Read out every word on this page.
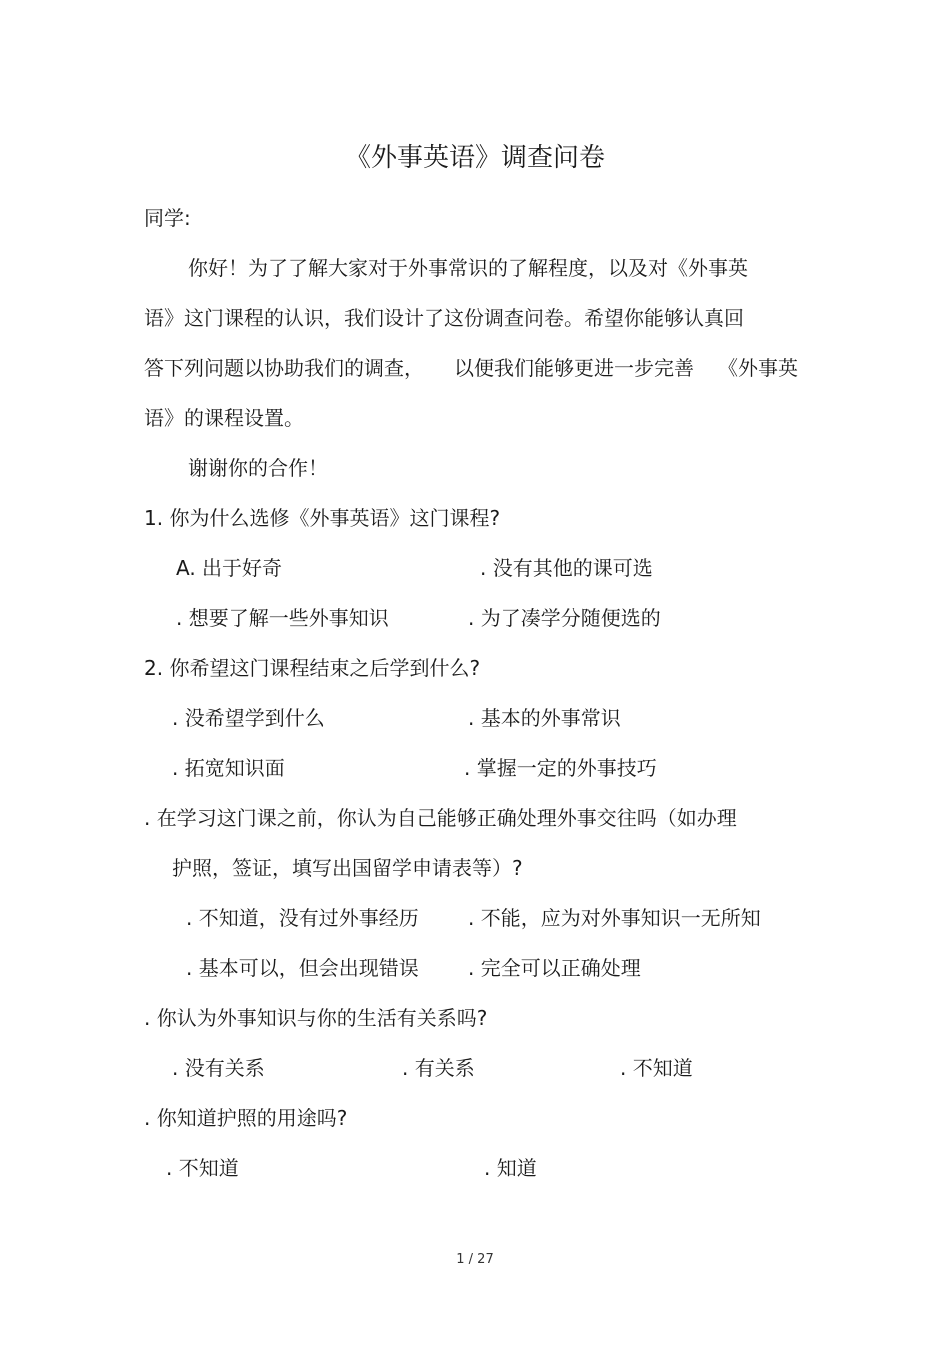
《外事英语》调查问卷
同学:
你好！为了了解大家对于外事常识的了解程度，以及对《外事英
语》这门课程的认识，我们设计了这份调查问卷。希望你能够认真回
答下列问题以协助我们的调查， 以便我们能够更进一步完善 《外事英
语》的课程设置。
谢谢你的合作！
1. 你为什么选修《外事英语》这门课程?
A. 出于好奇	. 没有其他的课可选
. 想要了解一些外事知识	. 为了凑学分随便选的
2. 你希望这门课程结束之后学到什么?
. 没希望学到什么	. 基本的外事常识
. 拓宽知识面	. 掌握一定的外事技巧
. 在学习这门课之前，你认为自己能够正确处理外事交往吗（如办理
护照，签证，填写出国留学申请表等）?
. 不知道，没有过外事经历 . 不能，应为对外事知识一无所知
. 基本可以，但会出现错误 . 完全可以正确处理
. 你认为外事知识与你的生活有关系吗?
. 没有关系	. 有关系	. 不知道
. 你知道护照的用途吗?
. 不知道	. 知道
1 / 27
